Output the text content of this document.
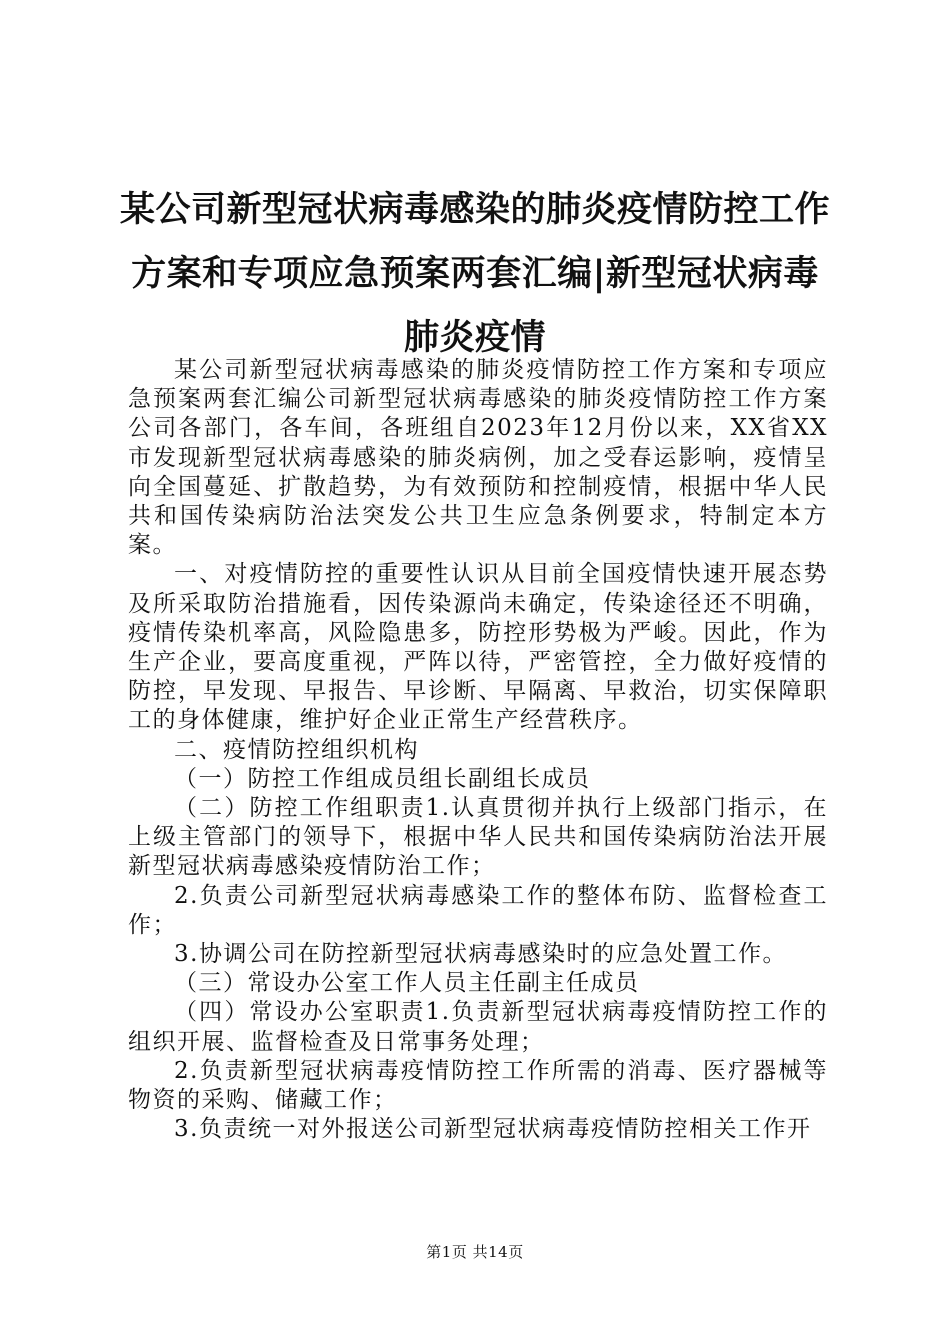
某公司新型冠状病毒感染的肺炎疫情防控工作
方案和专项应急预案两套汇编|新型冠状病毒
肺炎疫情

某公司新型冠状病毒感染的肺炎疫情防控工作方案和专项应急预案两套汇编公司新型冠状病毒感染的肺炎疫情防控工作方案公司各部门，各车间，各班组自2023年12月份以来，XX省XX市发现新型冠状病毒感染的肺炎病例，加之受春运影响，疫情呈向全国蔓延、扩散趋势，为有效预防和控制疫情，根据中华人民共和国传染病防治法突发公共卫生应急条例要求，特制定本方案。

一、对疫情防控的重要性认识从目前全国疫情快速开展态势及所采取防治措施看，因传染源尚未确定，传染途径还不明确，疫情传染机率高，风险隐患多，防控形势极为严峻。因此，作为生产企业，要高度重视，严阵以待，严密管控，全力做好疫情的防控，早发现、早报告、早诊断、早隔离、早救治，切实保障职工的身体健康，维护好企业正常生产经营秩序。

二、疫情防控组织机构

（一）防控工作组成员组长副组长成员

（二）防控工作组职责1.认真贯彻并执行上级部门指示，在上级主管部门的领导下，根据中华人民共和国传染病防治法开展新型冠状病毒感染疫情防治工作；

2.负责公司新型冠状病毒感染工作的整体布防、监督检查工作；

3.协调公司在防控新型冠状病毒感染时的应急处置工作。

（三）常设办公室工作人员主任副主任成员

（四）常设办公室职责1.负责新型冠状病毒疫情防控工作的组织开展、监督检查及日常事务处理；

2.负责新型冠状病毒疫情防控工作所需的消毒、医疗器械等物资的采购、储藏工作；

3.负责统一对外报送公司新型冠状病毒疫情防控相关工作开

第1页 共14页
